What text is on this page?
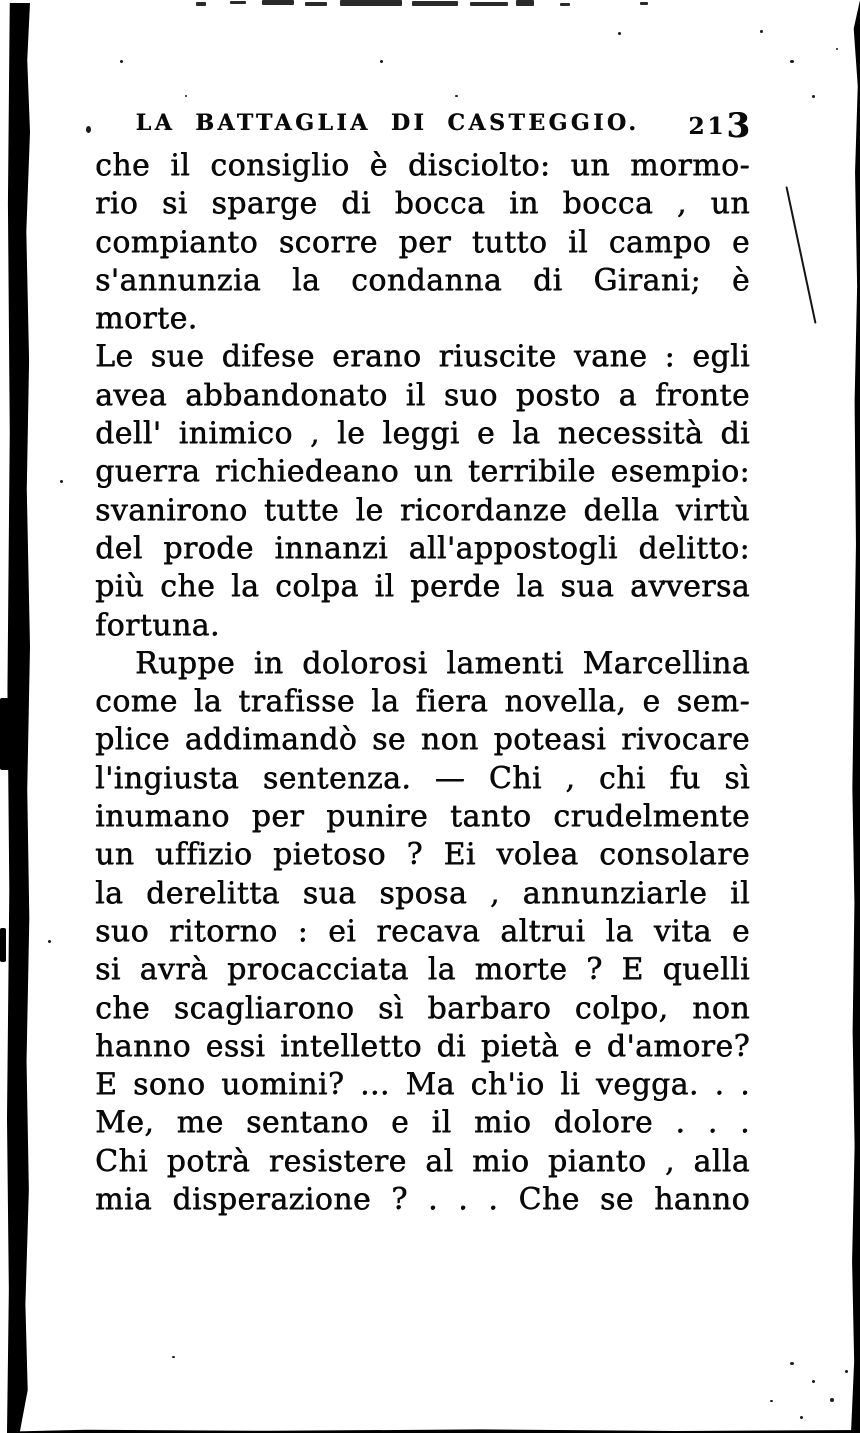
LA BATTAGLIA DI CASTEGGIO.	213
che il consiglio è disciolto: un mormo-
rio si sparge di bocca in bocca , un
compianto scorre per tutto il campo e
s'annunzia la condanna di Girani; è morte.
Le sue difese erano riuscite vane : egli
avea abbandonato il suo posto a fronte
dell' inimico , le leggi e la necessità di
guerra richiedeano un terribile esempio:
svanirono tutte le ricordanze della virtù
del prode innanzi all'appostogli delitto:
più che la colpa il perde la sua avversa
fortuna.
Ruppe in dolorosi lamenti Marcellina
come la trafisse la fiera novella, e sem-
plice addimandò se non poteasi rivocare
l'ingiusta sentenza. — Chi , chi fu sì
inumano per punire tanto crudelmente
un uffizio pietoso ? Ei volea consolare
la derelitta sua sposa , annunziarle il
suo ritorno : ei recava altrui la vita e
si avrà procacciata la morte ? E quelli
che scagliarono sì barbaro colpo, non
hanno essi intelletto di pietà e d'amore?
E sono uomini? ... Ma ch'io li vegga. . .
Me, me sentano e il mio dolore . . .
Chi potrà resistere al mio pianto , alla
mia disperazione ? . . . Che se hanno
